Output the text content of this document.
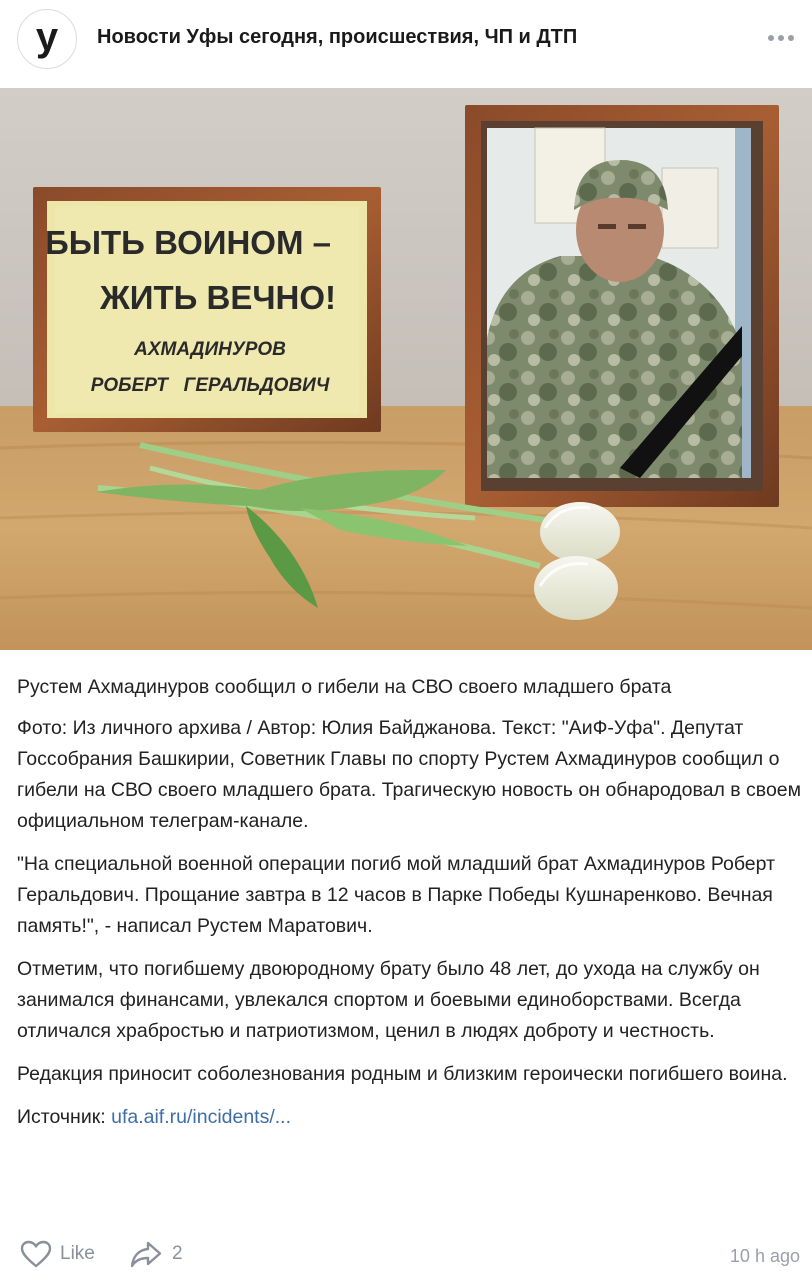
у Новости Уфы сегодня, происшествия, ЧП и ДТП
БЫТЬ ВОИНОМ –
ЖИТЬ ВЕЧНО!
АХМАДИНУРОВ
РОБЕРТ   ГЕРАЛЬДОВИЧ

Рустем Ахмадинуров сообщил о гибели на СВО своего младшего брата

Фото: Из личного архива / Автор: Юлия Байджанова. Текст: "АиФ-Уфа". Депутат Госсобрания Башкирии, Советник Главы по спорту Рустем Ахмадинуров сообщил о гибели на СВО своего младшего брата. Трагическую новость он обнародовал в своем официальном телеграм-канале.

"На специальной военной операции погиб мой младший брат Ахмадинуров Роберт Геральдович. Прощание завтра в 12 часов в Парке Победы Кушнаренково. Вечная память!", - написал Рустем Маратович.

Отметим, что погибшему двоюродному брату было 48 лет, до ухода на службу он занимался финансами, увлекался спортом и боевыми единоборствами. Всегда отличался храбростью и патриотизмом, ценил в людях доброту и честность.

Редакция приносит соболезнования родным и близким героически погибшего воина.

Источник: ufa.aif.ru/incidents/...

Like	2	10 h ago
